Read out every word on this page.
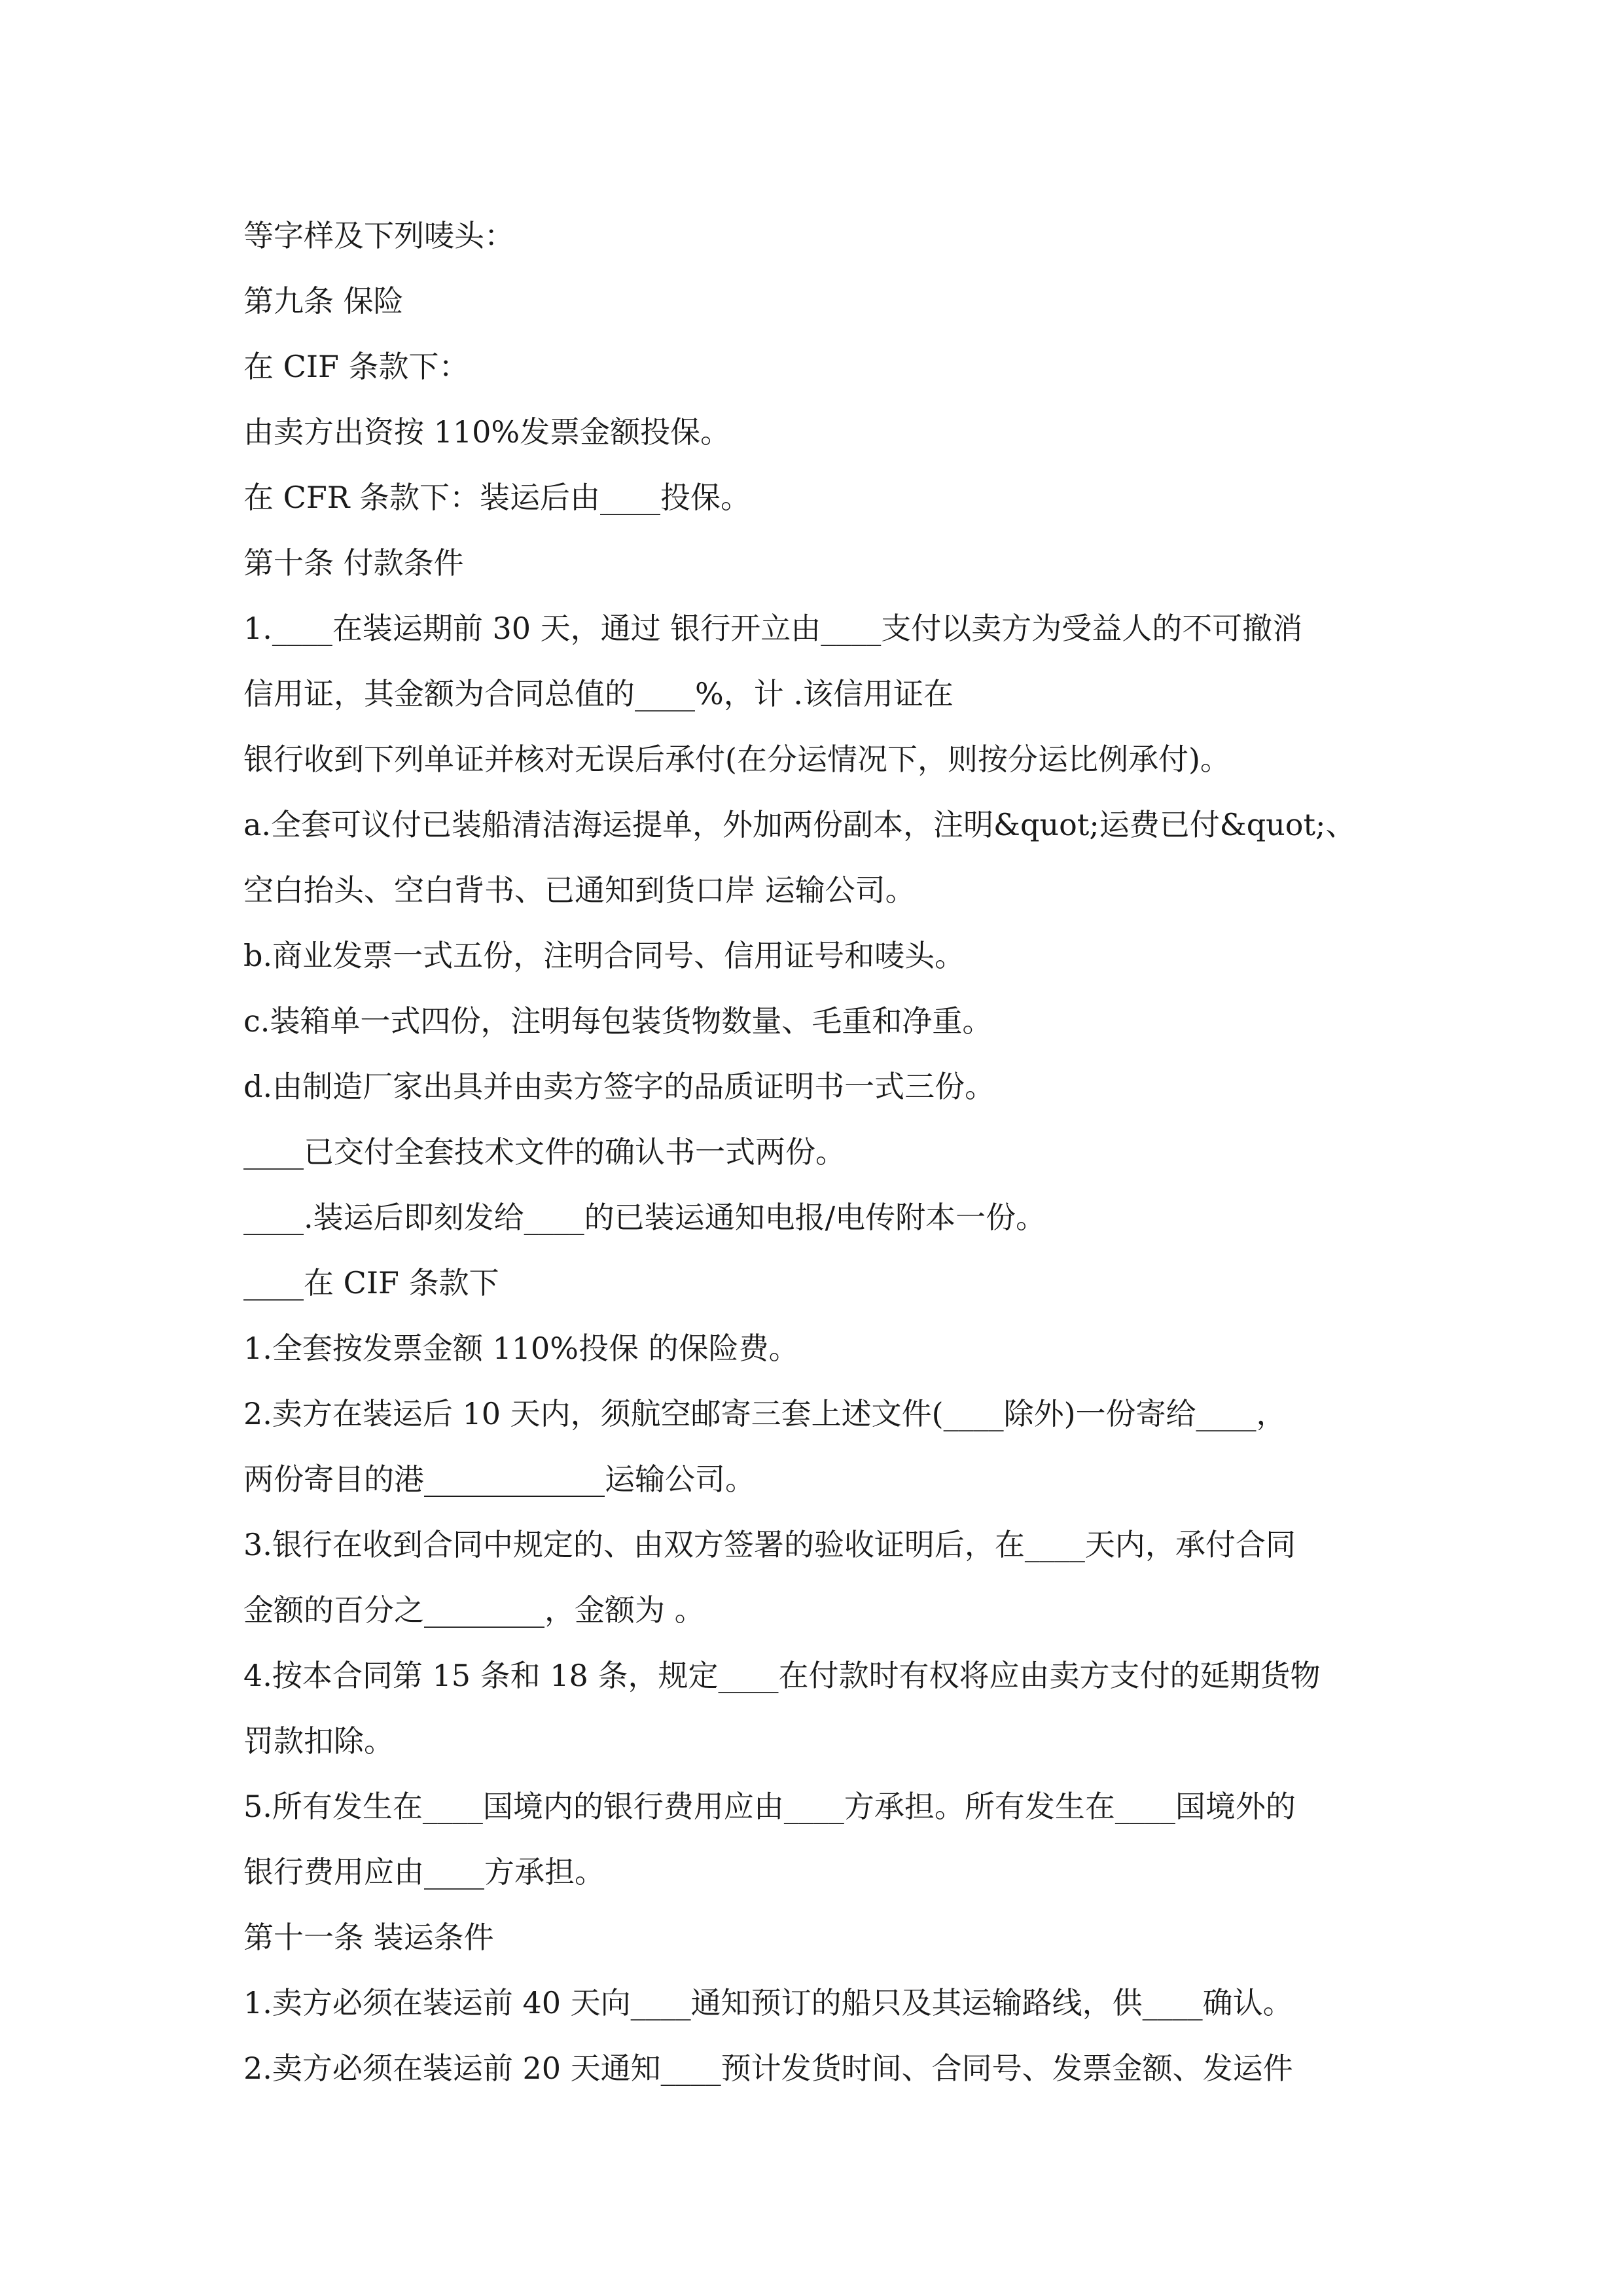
等字样及下列唛头：
第九条 保险
在 CIF 条款下：
由卖方出资按 110%发票金额投保。
在 CFR 条款下：装运后由____投保。
第十条 付款条件
1.____在装运期前 30 天，通过 银行开立由____支付以卖方为受益人的不可撤消
信用证，其金额为合同总值的____%，计 .该信用证在
银行收到下列单证并核对无误后承付(在分运情况下，则按分运比例承付)。
a.全套可议付已装船清洁海运提单，外加两份副本，注明&quot;运费已付&quot;、
空白抬头、空白背书、已通知到货口岸 运输公司。
b.商业发票一式五份，注明合同号、信用证号和唛头。
c.装箱单一式四份，注明每包装货物数量、毛重和净重。
d.由制造厂家出具并由卖方签字的品质证明书一式三份。
____已交付全套技术文件的确认书一式两份。
____.装运后即刻发给____的已装运通知电报/电传附本一份。
____在 CIF 条款下
1.全套按发票金额 110%投保 的保险费。
2.卖方在装运后 10 天内，须航空邮寄三套上述文件(____除外)一份寄给____，
两份寄目的港____________运输公司。
3.银行在收到合同中规定的、由双方签署的验收证明后，在____天内，承付合同
金额的百分之________，金额为 。
4.按本合同第 15 条和 18 条，规定____在付款时有权将应由卖方支付的延期货物
罚款扣除。
5.所有发生在____国境内的银行费用应由____方承担。所有发生在____国境外的
银行费用应由____方承担。
第十一条 装运条件
1.卖方必须在装运前 40 天向____通知预订的船只及其运输路线，供____确认。
2.卖方必须在装运前 20 天通知____预计发货时间、合同号、发票金额、发运件
